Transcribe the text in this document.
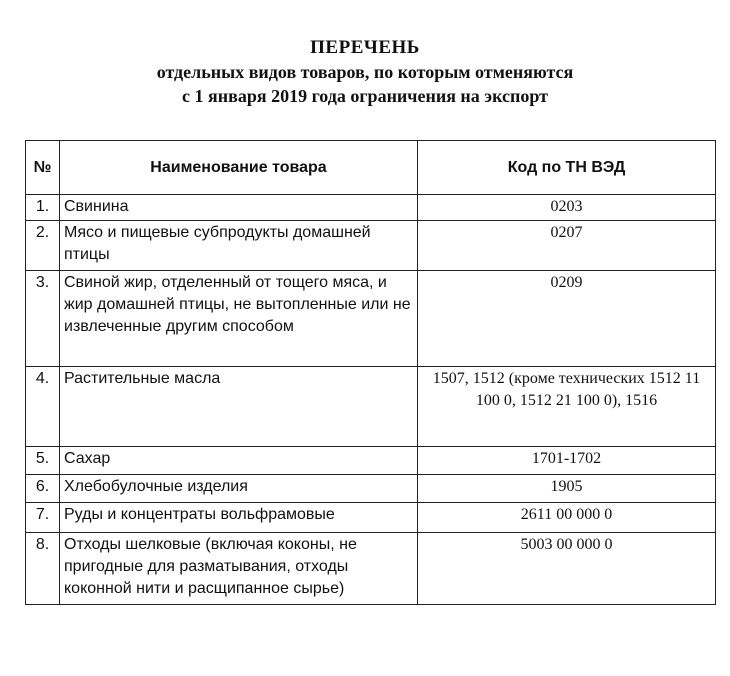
ПЕРЕЧЕНЬ
отдельных видов товаров, по которым отменяются
с 1 января 2019 года ограничения на экспорт
№	Наименование товара	Код по ТН ВЭД
1.	Свинина	0203
2.	Мясо и пищевые субпродукты домашней птицы	0207
3.	Свиной жир, отделенный от тощего мяса, и жир домашней птицы, не вытопленные или не извлеченные другим способом	0209
4.	Растительные масла	1507, 1512 (кроме технических 1512 11 100 0, 1512 21 100 0), 1516
5.	Сахар	1701-1702
6.	Хлебобулочные изделия	1905
7.	Руды и концентраты вольфрамовые	2611 00 000 0
8.	Отходы шелковые (включая коконы, не пригодные для разматывания, отходы коконной нити и расщипанное сырье)	5003 00 000 0
